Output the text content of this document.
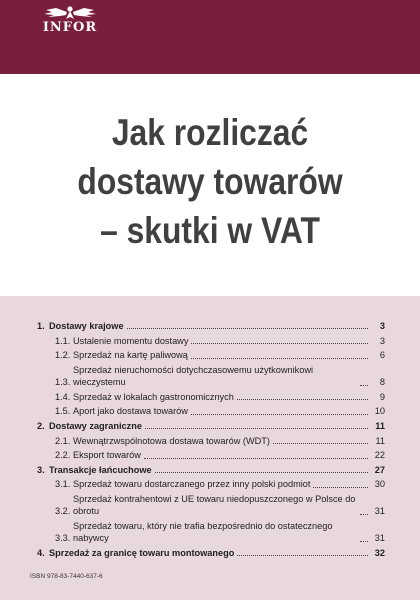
INFOR
Jak rozliczać
dostawy towarów
– skutki w VAT
1. Dostawy krajowe	3
1.1. Ustalenie momentu dostawy	3
1.2. Sprzedaż na kartę paliwową	6
1.3.
Sprzedaż nieruchomości dotychczasowemu użytkownikowi wieczystemu	8
1.4. Sprzedaż w lokalach gastronomicznych	9
1.5. Aport jako dostawa towarów	10
2. Dostawy zagraniczne	11
2.1. Wewnątrzwspólnotowa dostawa towarów (WDT)	11
2.2. Eksport towarów	22
3. Transakcje łańcuchowe	27
3.1. Sprzedaż towaru dostarczanego przez inny polski podmiot	30
3.2.
Sprzedaż kontrahentowi z UE towaru niedopuszczonego w Polsce do obrotu	31
3.3.
Sprzedaż towaru, który nie trafia bezpośrednio do ostatecznego nabywcy	31
4. Sprzedaż za granicę towaru montowanego	32
ISBN 978-83-7440-637-6
